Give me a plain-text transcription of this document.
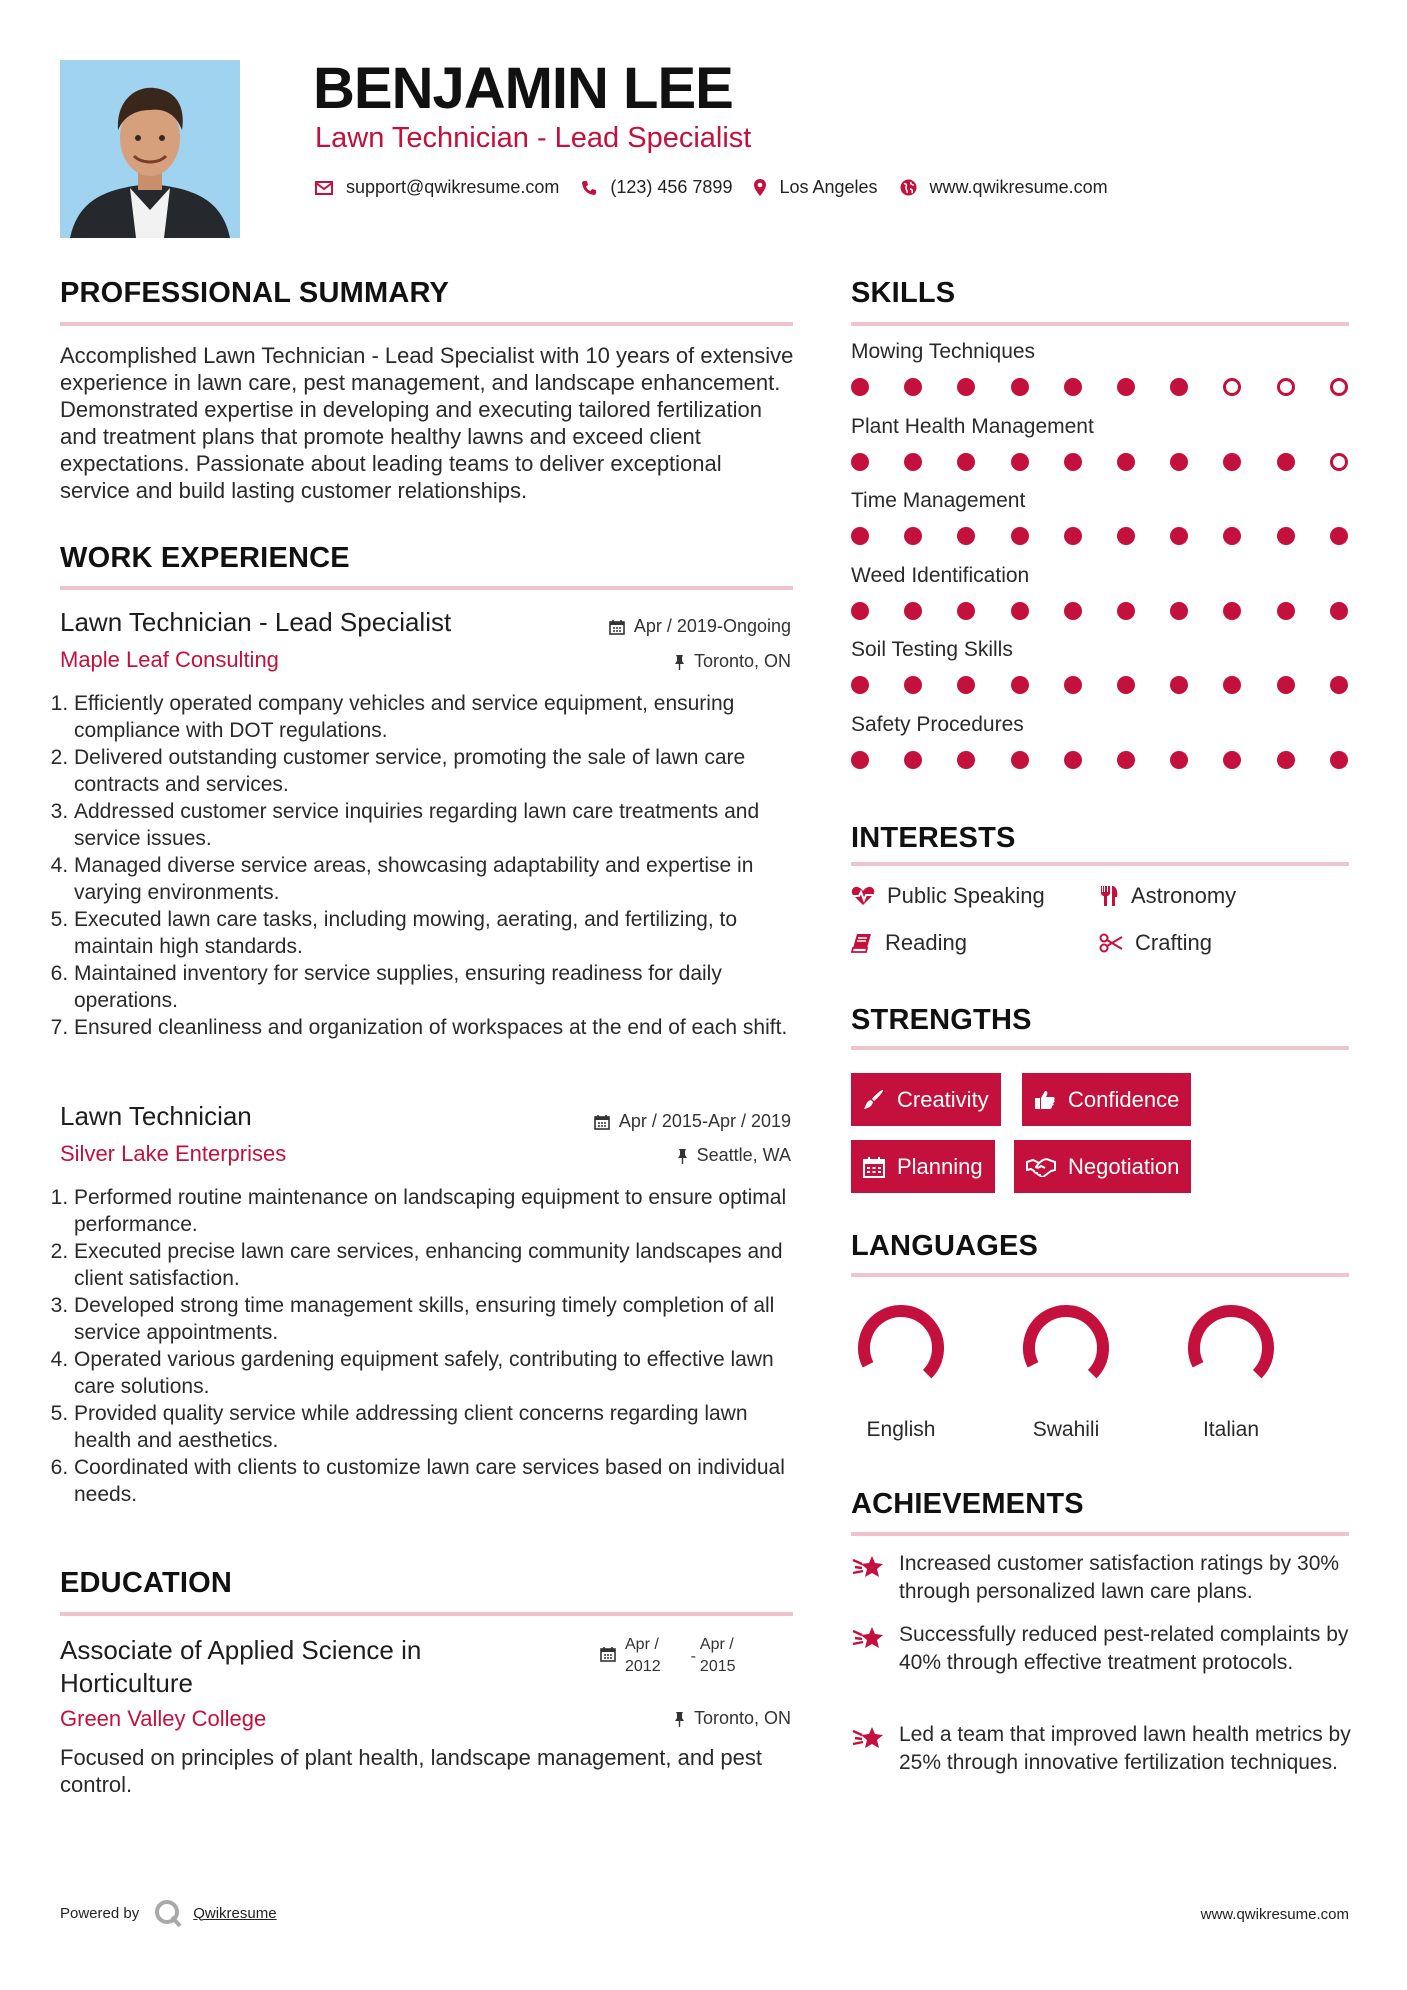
BENJAMIN LEE
Lawn Technician - Lead Specialist
support@qwikresume.com	(123) 456 7899	Los Angeles	www.qwikresume.com
PROFESSIONAL SUMMARY
Accomplished Lawn Technician - Lead Specialist with 10 years of extensive experience in lawn care, pest management, and landscape enhancement. Demonstrated expertise in developing and executing tailored fertilization and treatment plans that promote healthy lawns and exceed client expectations. Passionate about leading teams to deliver exceptional service and build lasting customer relationships.
WORK EXPERIENCE
Lawn Technician - Lead Specialist	Apr / 2019-Ongoing
Maple Leaf Consulting	Toronto, ON
1. Efficiently operated company vehicles and service equipment, ensuring compliance with DOT regulations.
2. Delivered outstanding customer service, promoting the sale of lawn care contracts and services.
3. Addressed customer service inquiries regarding lawn care treatments and service issues.
4. Managed diverse service areas, showcasing adaptability and expertise in varying environments.
5. Executed lawn care tasks, including mowing, aerating, and fertilizing, to maintain high standards.
6. Maintained inventory for service supplies, ensuring readiness for daily operations.
7. Ensured cleanliness and organization of workspaces at the end of each shift.
Lawn Technician	Apr / 2015-Apr / 2019
Silver Lake Enterprises	Seattle, WA
1. Performed routine maintenance on landscaping equipment to ensure optimal performance.
2. Executed precise lawn care services, enhancing community landscapes and client satisfaction.
3. Developed strong time management skills, ensuring timely completion of all service appointments.
4. Operated various gardening equipment safely, contributing to effective lawn care solutions.
5. Provided quality service while addressing client concerns regarding lawn health and aesthetics.
6. Coordinated with clients to customize lawn care services based on individual needs.
EDUCATION
Associate of Applied Science in
Horticulture
Apr /
2012
-
Apr /
2015
Green Valley College	Toronto, ON
Focused on principles of plant health, landscape management, and pest control.
SKILLS
Mowing Techniques
Plant Health Management
Time Management
Weed Identification
Soil Testing Skills
Safety Procedures
INTERESTS
Public Speaking	Astronomy
Reading	Crafting
STRENGTHS
Creativity	Confidence
Planning	Negotiation
LANGUAGES
English	Swahili	Italian
ACHIEVEMENTS
Increased customer satisfaction ratings by 30% through personalized lawn care plans.
Successfully reduced pest-related complaints by 40% through effective treatment protocols.
Led a team that improved lawn health metrics by 25% through innovative fertilization techniques.
Powered by	Qwikresume	www.qwikresume.com
